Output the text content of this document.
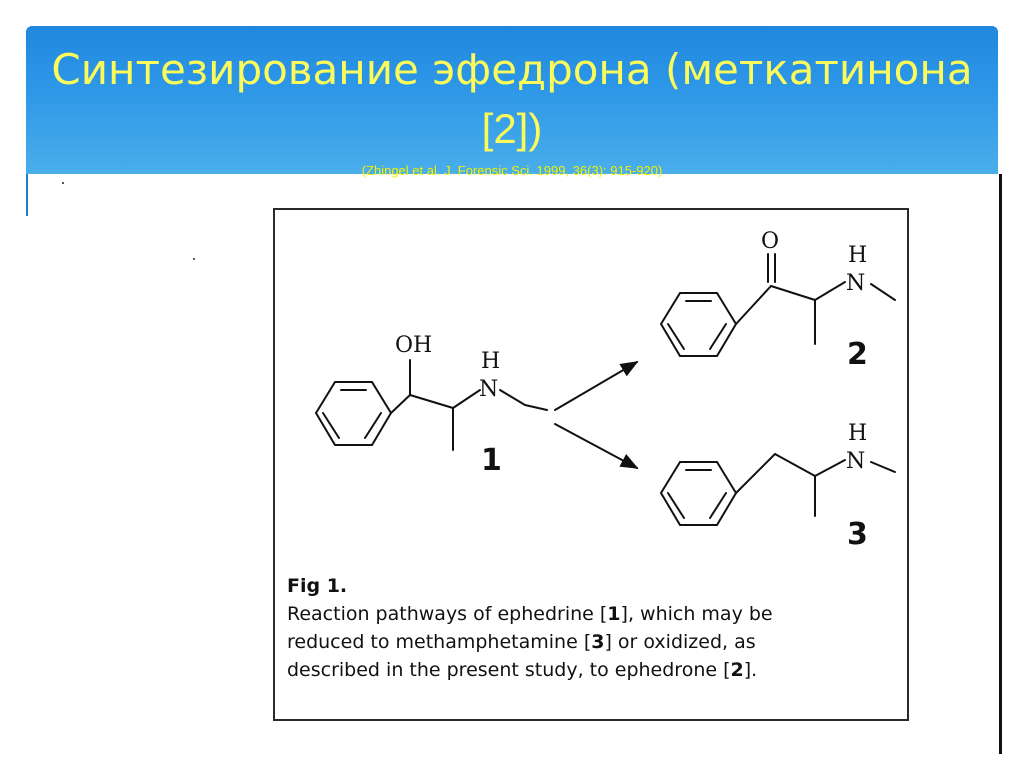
Синтезирование эфедрона (меткатинона
[2])
(Zhingel et al. J. Forensic Sci. 1999, 36(3): 915-920)
OH
H
N
O
H
N
H
N
1
2
3
Fig 1.
Reaction pathways of ephedrine [1], which may be
reduced to methamphetamine [3] or oxidized, as
described in the present study, to ephedrone [2].
